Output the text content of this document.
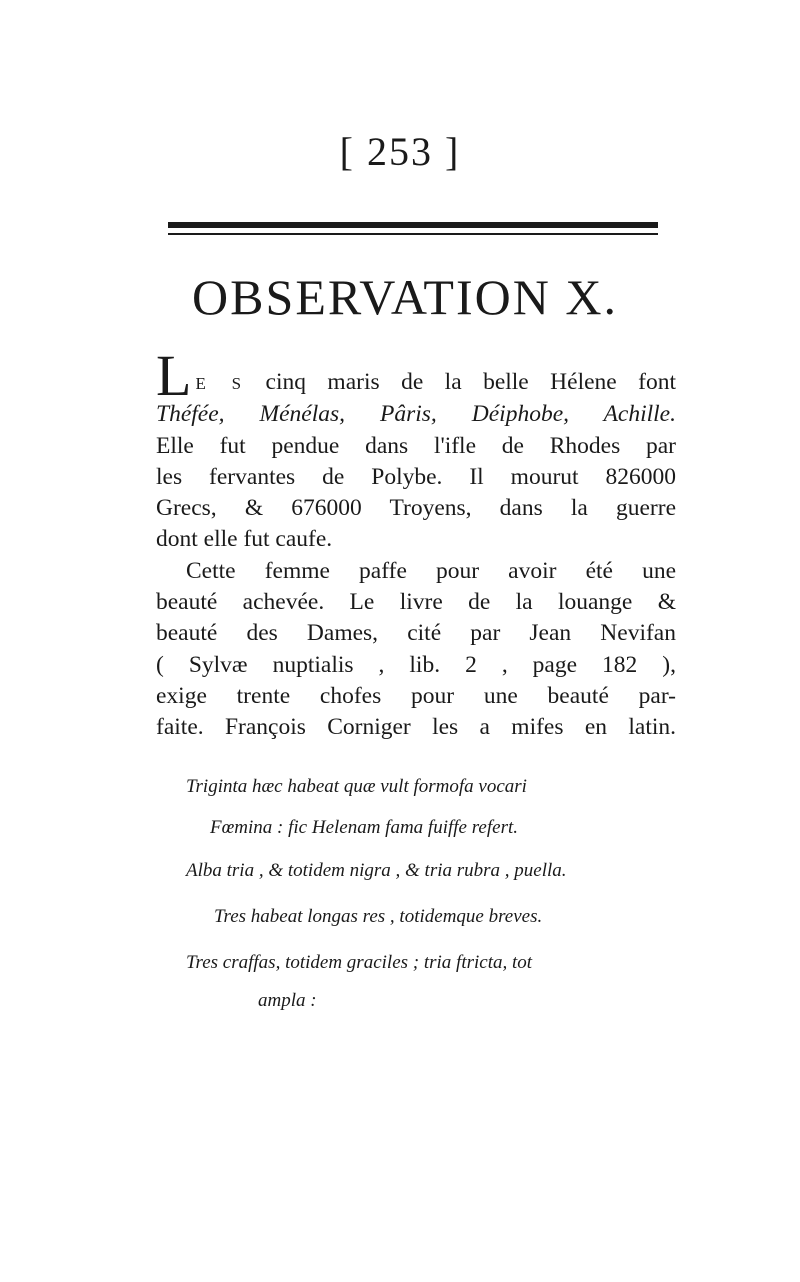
[ 253 ]
OBSERVATION X.
L E S cinq maris de la belle Hélene font
Théfée, Ménélas, Pâris, Déiphobe, Achille.
Elle fut pendue dans l'ifle de Rhodes par
les fervantes de Polybe. Il mourut 826000
Grecs, & 676000 Troyens, dans la guerre
dont elle fut caufe.
Cette femme paffe pour avoir été une
beauté achevée. Le livre de la louange &
beauté des Dames, cité par Jean Nevifan
( Sylvæ nuptialis , lib. 2 , page 182 ),
exige trente chofes pour une beauté par-
faite. François Corniger les a mifes en latin.
Triginta hæc habeat quæ vult formofa vocari
Fœmina : fic Helenam fama fuiffe refert.
Alba tria , & totidem nigra , & tria rubra , puella.
Tres habeat longas res , totidemque breves.
Tres craffas, totidem graciles ; tria ftricta, tot
ampla :
